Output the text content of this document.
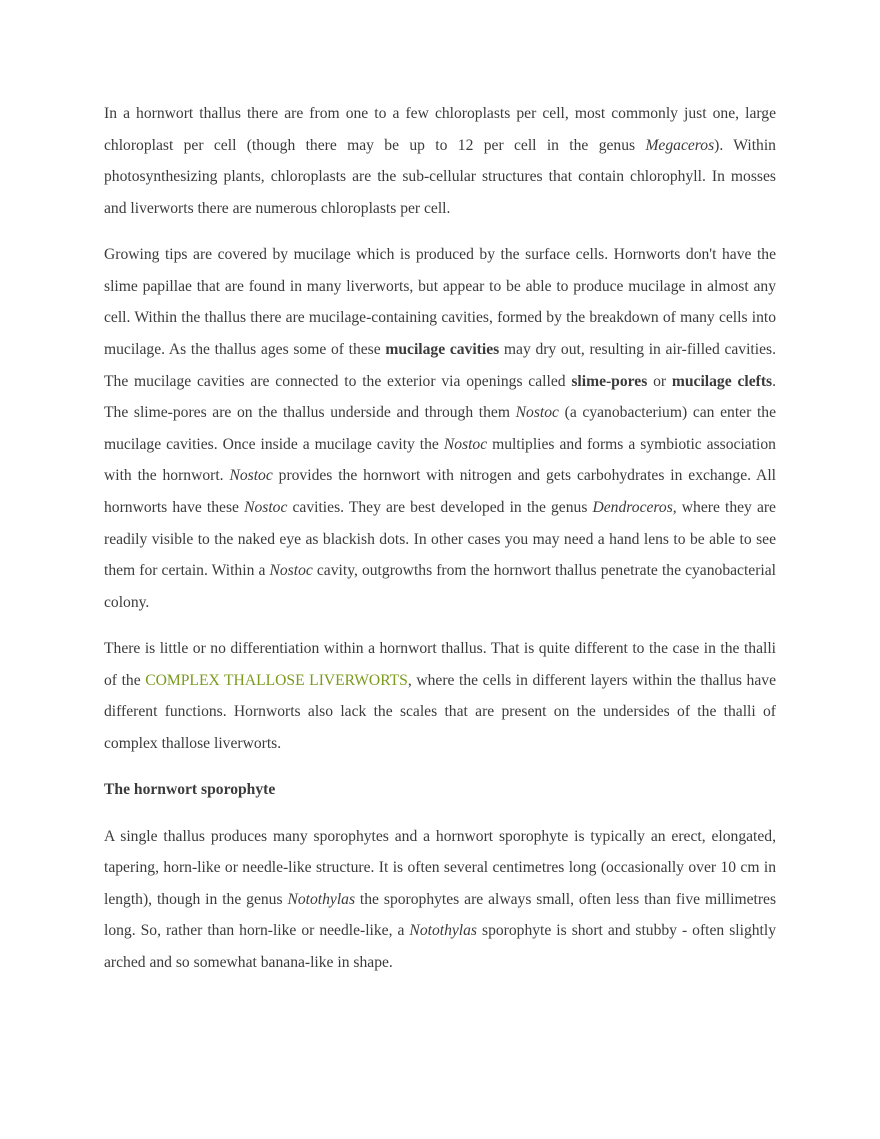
In a hornwort thallus there are from one to a few chloroplasts per cell, most commonly just one, large chloroplast per cell (though there may be up to 12 per cell in the genus Megaceros). Within photosynthesizing plants, chloroplasts are the sub-cellular structures that contain chlorophyll. In mosses and liverworts there are numerous chloroplasts per cell.

Growing tips are covered by mucilage which is produced by the surface cells. Hornworts don't have the slime papillae that are found in many liverworts, but appear to be able to produce mucilage in almost any cell. Within the thallus there are mucilage-containing cavities, formed by the breakdown of many cells into mucilage. As the thallus ages some of these mucilage cavities may dry out, resulting in air-filled cavities. The mucilage cavities are connected to the exterior via openings called slime-pores or mucilage clefts. The slime-pores are on the thallus underside and through them Nostoc (a cyanobacterium) can enter the mucilage cavities. Once inside a mucilage cavity the Nostoc multiplies and forms a symbiotic association with the hornwort. Nostoc provides the hornwort with nitrogen and gets carbohydrates in exchange. All hornworts have these Nostoc cavities. They are best developed in the genus Dendroceros, where they are readily visible to the naked eye as blackish dots. In other cases you may need a hand lens to be able to see them for certain. Within a Nostoc cavity, outgrowths from the hornwort thallus penetrate the cyanobacterial colony.

There is little or no differentiation within a hornwort thallus. That is quite different to the case in the thalli of the COMPLEX THALLOSE LIVERWORTS, where the cells in different layers within the thallus have different functions. Hornworts also lack the scales that are present on the undersides of the thalli of complex thallose liverworts.

The hornwort sporophyte

A single thallus produces many sporophytes and a hornwort sporophyte is typically an erect, elongated, tapering, horn-like or needle-like structure. It is often several centimetres long (occasionally over 10 cm in length), though in the genus Notothylas the sporophytes are always small, often less than five millimetres long. So, rather than horn-like or needle-like, a Notothylas sporophyte is short and stubby - often slightly arched and so somewhat banana-like in shape.
